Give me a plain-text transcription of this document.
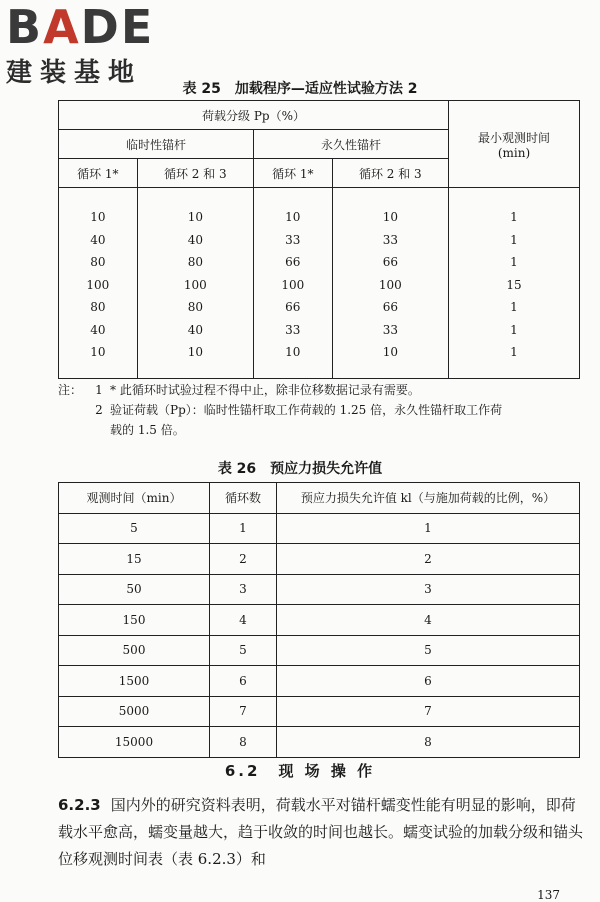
BADE
建装基地
表 25　加载程序—适应性试验方法 2
荷载分级 Pp（%）				最小观测时间
(min)
临时性锚杆		永久性锚杆		
循环 1*	循环 2 和 3	循环 1*	循环 2 和 3	
10	10	10	10	1
40	40	33	33	1
80	80	66	66	1
100	100	100	100	15
80	80	66	66	1
40	40	33	33	1
10	10	10	10	1
注：	1 * 此循环时试验过程不得中止，除非位移数据记录有需要。
2 验证荷载（Pp）：临时性锚杆取工作荷载的 1.25 倍，永久性锚杆取工作荷
载的 1.5 倍。
表 26　预应力损失允许值
观测时间（min）	循环数	预应力损失允许值 kl（与施加荷载的比例，%）
5	1	1
15	2	2
50	3	3
150	4	4
500	5	5
1500	6	6
5000	7	7
15000	8	8
6.2　现 场 操 作
6.2.3 国内外的研究资料表明，荷载水平对锚杆蠕变性能有明显的影响，即荷载水平愈高，蠕变量越大，趋于收敛的时间也越长。蠕变试验的加载分级和锚头位移观测时间表（表 6.2.3）和
137
